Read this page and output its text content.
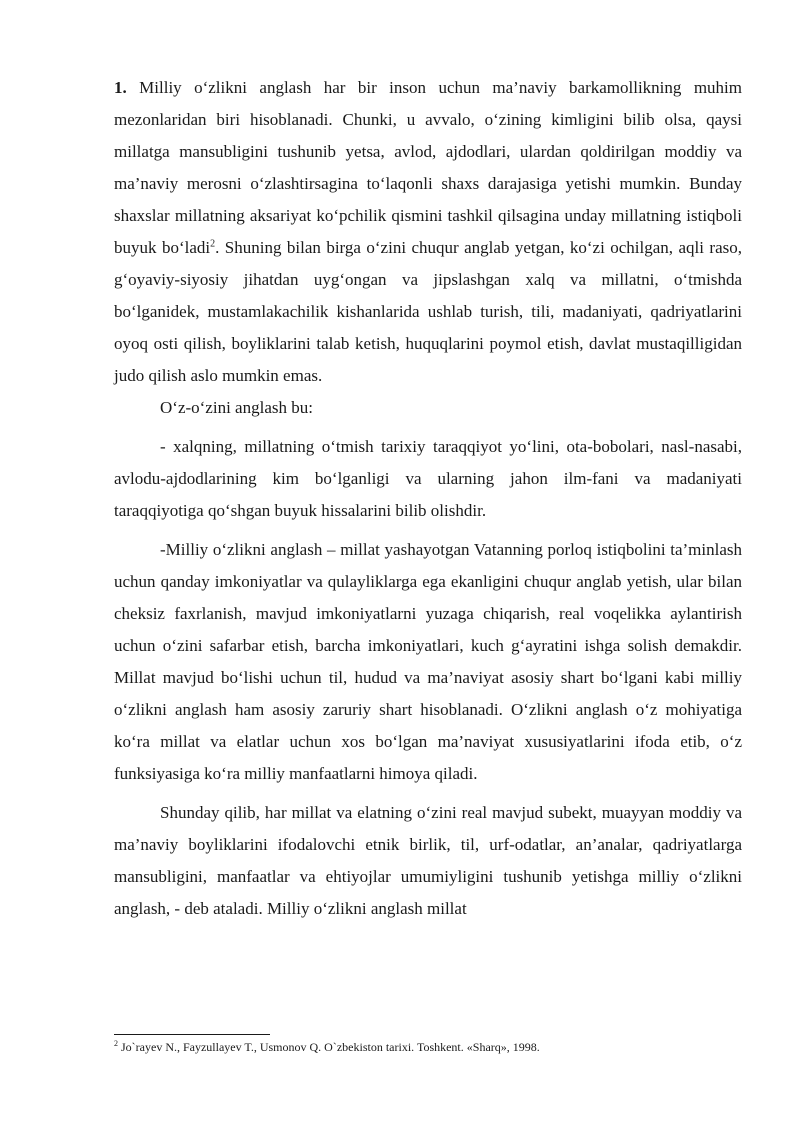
1. Milliy o‘zlikni anglash har bir inson uchun ma’naviy barkamollikning muhim mezonlaridan biri hisoblanadi. Chunki, u avvalo, o‘zining kimligini bilib olsa, qaysi millatga mansubligini tushunib yetsa, avlod, ajdodlari, ulardan qoldirilgan moddiy va ma’naviy merosni o‘zlashtirsagina to‘laqonli shaxs darajasiga yetishi mumkin. Bunday shaxslar millatning aksariyat ko‘pchilik qismini tashkil qilsagina unday millatning istiqboli buyuk bo‘ladi$^2$. Shuning bilan birga o‘zini chuqur anglab yetgan, ko‘zi ochilgan, aqli raso, g‘oyaviy-siyosiy jihatdan uyg‘ongan va jipslashgan xalq va millatni, o‘tmishda bo‘lganidek, mustamlakachilik kishanlarida ushlab turish, tili, madaniyati, qadriyatlarini oyoq osti qilish, boyliklarini talab ketish, huquqlarini poymol etish, davlat mustaqilligidan judo qilish aslo mumkin emas.

O‘z-o‘zini anglash bu:

- xalqning, millatning o‘tmish tarixiy taraqqiyot yo‘lini, ota-bobolari, nasl-nasabi, avlodu-ajdodlarining kim bo‘lganligi va ularning jahon ilm-fani va madaniyati taraqqiyotiga qo‘shgan buyuk hissalarini bilib olishdir.

-Milliy o‘zlikni anglash – millat yashayotgan Vatanning porloq istiqbolini ta’minlash uchun qanday imkoniyatlar va qulayliklarga ega ekanligini chuqur anglab yetish, ular bilan cheksiz faxrlanish, mavjud imkoniyatlarni yuzaga chiqarish, real voqelikka aylantirish uchun o‘zini safarbar etish, barcha imkoniyatlari, kuch g‘ayratini ishga solish demakdir. Millat mavjud bo‘lishi uchun til, hudud va ma’naviyat asosiy shart bo‘lgani kabi milliy o‘zlikni anglash ham asosiy zaruriy shart hisoblanadi. O‘zlikni anglash o‘z mohiyatiga ko‘ra millat va elatlar uchun xos bo‘lgan ma’naviyat xususiyatlarini ifoda etib, o‘z funksiyasiga ko‘ra milliy manfaatlarni himoya qiladi.

Shunday qilib, har millat va elatning o‘zini real mavjud subekt, muayyan moddiy va ma’naviy boyliklarini ifodalovchi etnik birlik, til, urf-odatlar, an’analar, qadriyatlarga mansubligini, manfaatlar va ehtiyojlar umumiyligini tushunib yetishga milliy o‘zlikni anglash, - deb ataladi. Milliy o‘zlikni anglash millat

$^2$ Jo`rayev N., Fayzullayev T., Usmonov Q. O`zbekiston tarixi. Toshkent. «Sharq», 1998.
